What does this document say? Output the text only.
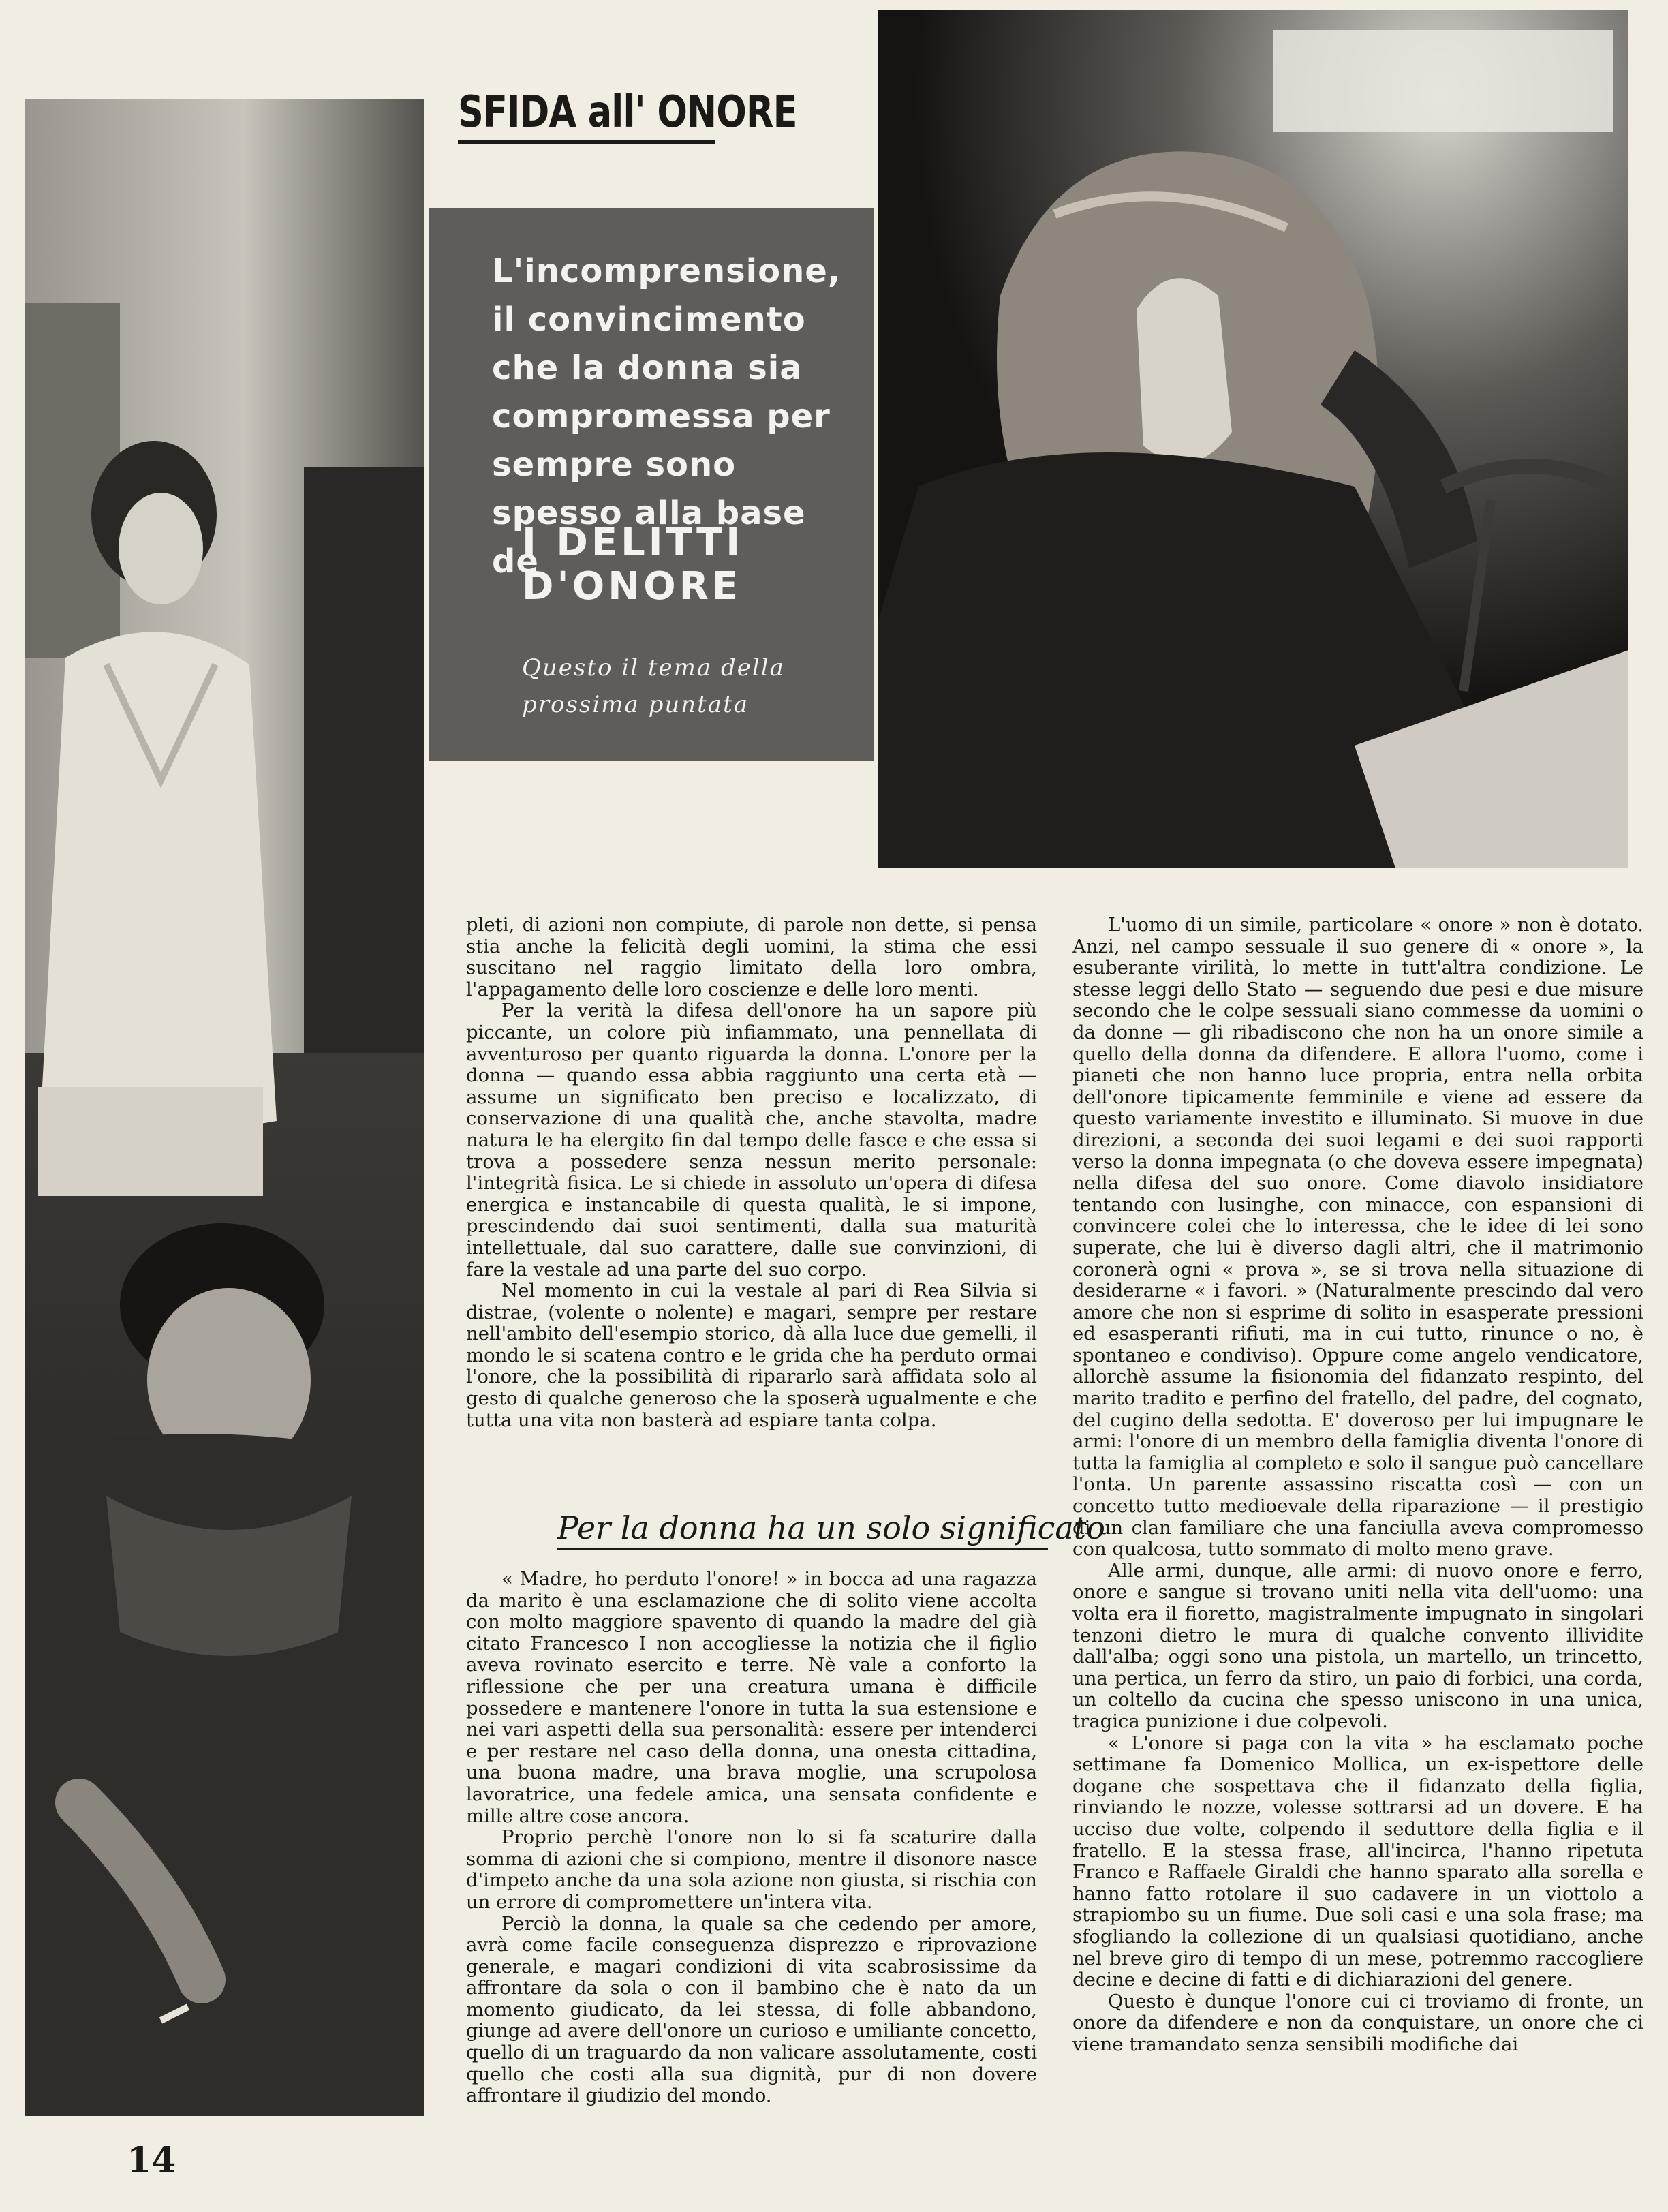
SFIDA all' ONORE
L'incomprensione, il convincimento che la donna sia compromessa per sempre sono spesso alla base de
I DELITTI D'ONORE
Questo il tema della prossima puntata

pleti, di azioni non compiute, di parole non dette, si pensa stia anche la felicità degli uomini, la stima che essi suscitano nel raggio limitato della loro ombra, l'appagamento delle loro coscienze e delle loro menti.

Per la verità la difesa dell'onore ha un sapore più piccante, un colore più infiammato, una pennellata di avventuroso per quanto riguarda la donna. L'onore per la donna — quando essa abbia raggiunto una certa età — assume un significato ben preciso e localizzato, di conservazione di una qualità che, anche stavolta, madre natura le ha elergito fin dal tempo delle fasce e che essa si trova a possedere senza nessun merito personale: l'integrità fisica. Le si chiede in assoluto un'opera di difesa energica e instancabile di questa qualità, le si impone, prescindendo dai suoi sentimenti, dalla sua maturità intellettuale, dal suo carattere, dalle sue convinzioni, di fare la vestale ad una parte del suo corpo.

Nel momento in cui la vestale al pari di Rea Silvia si distrae, (volente o nolente) e magari, sempre per restare nell'ambito dell'esempio storico, dà alla luce due gemelli, il mondo le si scatena contro e le grida che ha perduto ormai l'onore, che la possibilità di ripararlo sarà affidata solo al gesto di qualche generoso che la sposerà ugualmente e che tutta una vita non basterà ad espiare tanta colpa.

Per la donna ha un solo significato

« Madre, ho perduto l'onore! » in bocca ad una ragazza da marito è una esclamazione che di solito viene accolta con molto maggiore spavento di quando la madre del già citato Francesco I non accogliesse la notizia che il figlio aveva rovinato esercito e terre. Nè vale a conforto la riflessione che per una creatura umana è difficile possedere e mantenere l'onore in tutta la sua estensione e nei vari aspetti della sua personalità: essere per intenderci e per restare nel caso della donna, una onesta cittadina, una buona madre, una brava moglie, una scrupolosa lavoratrice, una fedele amica, una sensata confidente e mille altre cose ancora.

Proprio perchè l'onore non lo si fa scaturire dalla somma di azioni che si compiono, mentre il disonore nasce d'impeto anche da una sola azione non giusta, si rischia con un errore di compromettere un'intera vita.

Perciò la donna, la quale sa che cedendo per amore, avrà come facile conseguenza disprezzo e riprovazione generale, e magari condizioni di vita scabrosissime da affrontare da sola o con il bambino che è nato da un momento giudicato, da lei stessa, di folle abbandono, giunge ad avere dell'onore un curioso e umiliante concetto, quello di un traguardo da non valicare assolutamente, costi quello che costi alla sua dignità, pur di non dovere affrontare il giudizio del mondo.

L'uomo di un simile, particolare « onore » non è dotato. Anzi, nel campo sessuale il suo genere di « onore », la esuberante virilità, lo mette in tutt'altra condizione. Le stesse leggi dello Stato — seguendo due pesi e due misure secondo che le colpe sessuali siano commesse da uomini o da donne — gli ribadiscono che non ha un onore simile a quello della donna da difendere. E allora l'uomo, come i pianeti che non hanno luce propria, entra nella orbita dell'onore tipicamente femminile e viene ad essere da questo variamente investito e illuminato. Si muove in due direzioni, a seconda dei suoi legami e dei suoi rapporti verso la donna impegnata (o che doveva essere impegnata) nella difesa del suo onore. Come diavolo insidiatore tentando con lusinghe, con minacce, con espansioni di convincere colei che lo interessa, che le idee di lei sono superate, che lui è diverso dagli altri, che il matrimonio coronerà ogni « prova », se si trova nella situazione di desiderarne « i favori. » (Naturalmente prescindo dal vero amore che non si esprime di solito in esasperate pressioni ed esasperanti rifiuti, ma in cui tutto, rinunce o no, è spontaneo e condiviso). Oppure come angelo vendicatore, allorchè assume la fisionomia del fidanzato respinto, del marito tradito e perfino del fratello, del padre, del cognato, del cugino della sedotta. E' doveroso per lui impugnare le armi: l'onore di un membro della famiglia diventa l'onore di tutta la famiglia al completo e solo il sangue può cancellare l'onta. Un parente assassino riscatta così — con un concetto tutto medioevale della riparazione — il prestigio di un clan familiare che una fanciulla aveva compromesso con qualcosa, tutto sommato di molto meno grave.

Alle armi, dunque, alle armi: di nuovo onore e ferro, onore e sangue si trovano uniti nella vita dell'uomo: una volta era il fioretto, magistralmente impugnato in singolari tenzoni dietro le mura di qualche convento illividite dall'alba; oggi sono una pistola, un martello, un trincetto, una pertica, un ferro da stiro, un paio di forbici, una corda, un coltello da cucina che spesso uniscono in una unica, tragica punizione i due colpevoli.

« L'onore si paga con la vita » ha esclamato poche settimane fa Domenico Mollica, un ex-ispettore delle dogane che sospettava che il fidanzato della figlia, rinviando le nozze, volesse sottrarsi ad un dovere. E ha ucciso due volte, colpendo il seduttore della figlia e il fratello. E la stessa frase, all'incirca, l'hanno ripetuta Franco e Raffaele Giraldi che hanno sparato alla sorella e hanno fatto rotolare il suo cadavere in un viottolo a strapiombo su un fiume. Due soli casi e una sola frase; ma sfogliando la collezione di un qualsiasi quotidiano, anche nel breve giro di tempo di un mese, potremmo raccogliere decine e decine di fatti e di dichiarazioni del genere.

Questo è dunque l'onore cui ci troviamo di fronte, un onore da difendere e non da conquistare, un onore che ci viene tramandato senza sensibili modifiche dai

14
